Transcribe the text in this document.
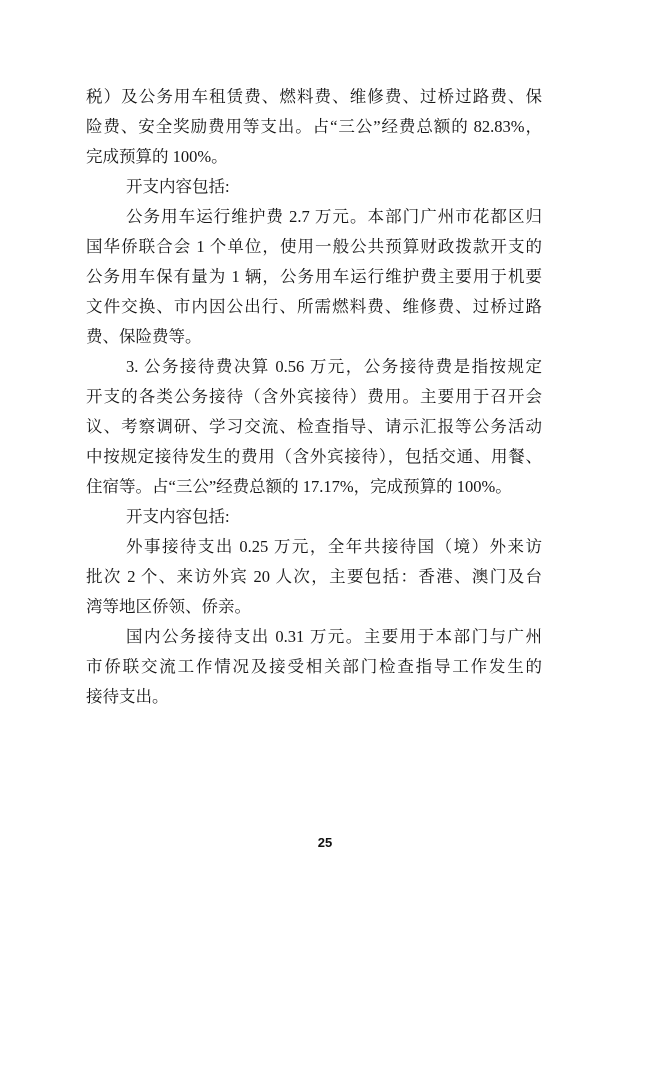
税）及公务用车租赁费、燃料费、维修费、过桥过路费、保
险费、安全奖励费用等支出。占“三公”经费总额的 82.83%，
完成预算的 100%。
开支内容包括:
公务用车运行维护费 2.7 万元。本部门广州市花都区归
国华侨联合会 1 个单位，使用一般公共预算财政拨款开支的
公务用车保有量为 1 辆，公务用车运行维护费主要用于机要
文件交换、市内因公出行、所需燃料费、维修费、过桥过路
费、保险费等。
3. 公务接待费决算 0.56 万元，公务接待费是指按规定
开支的各类公务接待（含外宾接待）费用。主要用于召开会
议、考察调研、学习交流、检查指导、请示汇报等公务活动
中按规定接待发生的费用（含外宾接待），包括交通、用餐、
住宿等。占“三公”经费总额的 17.17%，完成预算的 100%。
开支内容包括:
外事接待支出 0.25 万元，全年共接待国（境）外来访
批次 2 个、来访外宾 20 人次，主要包括：香港、澳门及台
湾等地区侨领、侨亲。
国内公务接待支出 0.31 万元。主要用于本部门与广州
市侨联交流工作情况及接受相关部门检查指导工作发生的
接待支出。
25
